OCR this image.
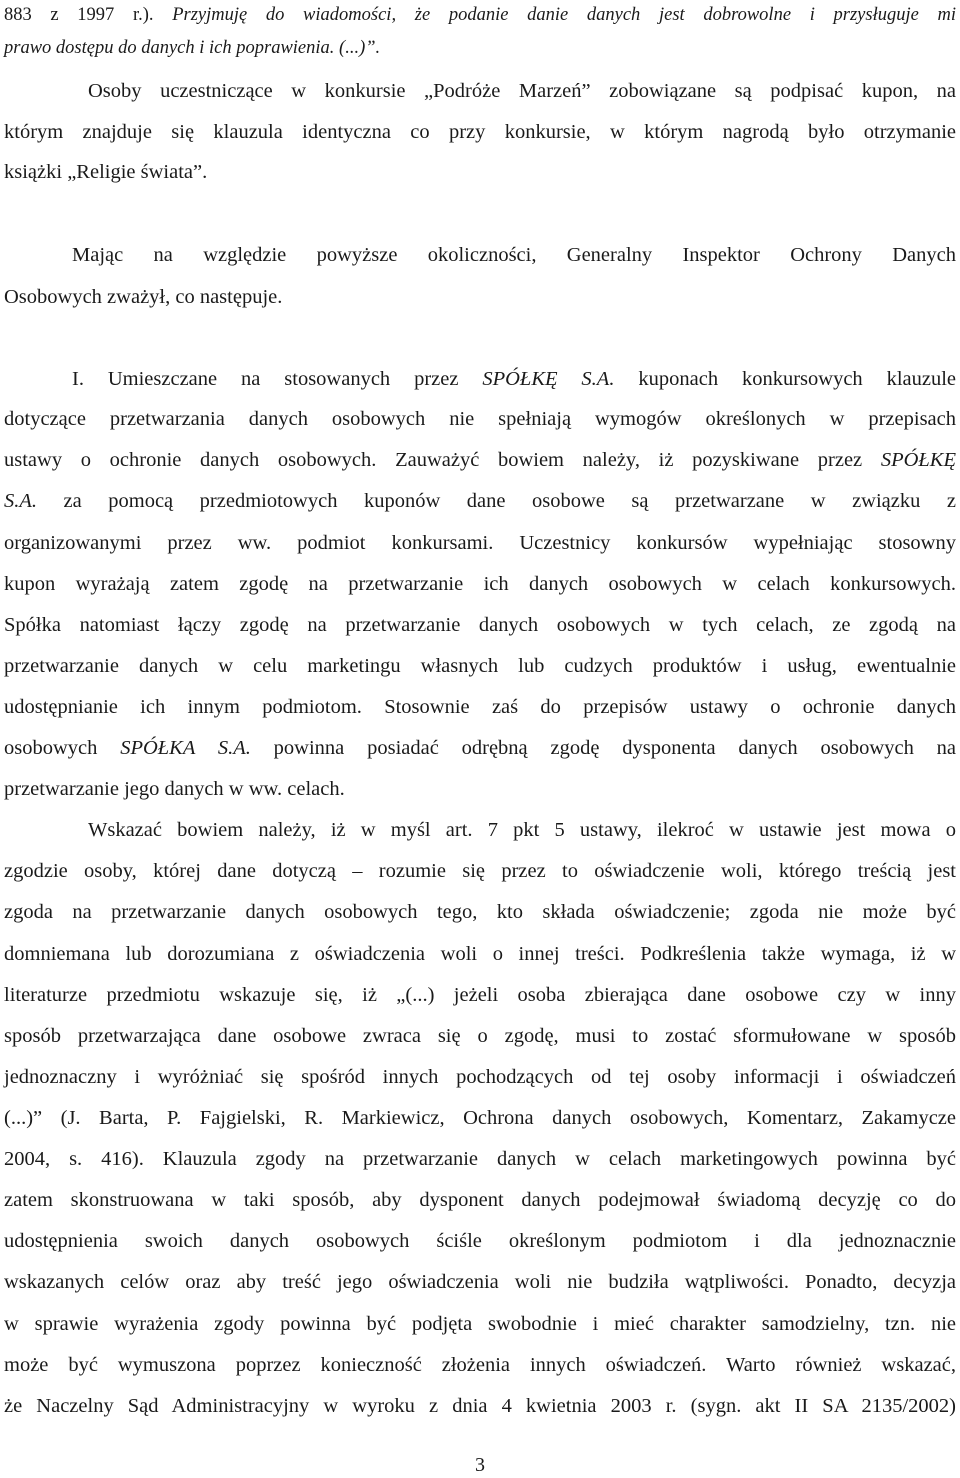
883 z 1997 r.). Przyjmuję do wiadomości, że podanie danie danych jest dobrowolne i przysługuje mi
prawo dostępu do danych i ich poprawienia. (...)”.
Osoby uczestniczące w konkursie „Podróże Marzeń” zobowiązane są podpisać kupon, na
którym znajduje się klauzula identyczna co przy konkursie, w którym nagrodą było otrzymanie
książki „Religie świata”.
Mając na względzie powyższe okoliczności, Generalny Inspektor Ochrony Danych
Osobowych zważył, co następuje.
I. Umieszczane na stosowanych przez SPÓŁKĘ S.A. kuponach konkursowych klauzule
dotyczące przetwarzania danych osobowych nie spełniają wymogów określonych w przepisach
ustawy o ochronie danych osobowych. Zauważyć bowiem należy, iż pozyskiwane przez SPÓŁKĘ
S.A. za pomocą przedmiotowych kuponów dane osobowe są przetwarzane w związku z
organizowanymi przez ww. podmiot konkursami. Uczestnicy konkursów wypełniając stosowny
kupon wyrażają zatem zgodę na przetwarzanie ich danych osobowych w celach konkursowych.
Spółka natomiast łączy zgodę na przetwarzanie danych osobowych w tych celach, ze zgodą na
przetwarzanie danych w celu marketingu własnych lub cudzych produktów i usług, ewentualnie
udostępnianie ich innym podmiotom. Stosownie zaś do przepisów ustawy o ochronie danych
osobowych SPÓŁKA S.A. powinna posiadać odrębną zgodę dysponenta danych osobowych na
przetwarzanie jego danych w ww. celach.
Wskazać bowiem należy, iż w myśl art. 7 pkt 5 ustawy, ilekroć w ustawie jest mowa o
zgodzie osoby, której dane dotyczą – rozumie się przez to oświadczenie woli, którego treścią jest
zgoda na przetwarzanie danych osobowych tego, kto składa oświadczenie; zgoda nie może być
domniemana lub dorozumiana z oświadczenia woli o innej treści. Podkreślenia także wymaga, iż w
literaturze przedmiotu wskazuje się, iż „(...) jeżeli osoba zbierająca dane osobowe czy w inny
sposób przetwarzająca dane osobowe zwraca się o zgodę, musi to zostać sformułowane w sposób
jednoznaczny i wyróżniać się spośród innych pochodzących od tej osoby informacji i oświadczeń
(...)” (J. Barta, P. Fajgielski, R. Markiewicz, Ochrona danych osobowych, Komentarz, Zakamycze
2004, s. 416). Klauzula zgody na przetwarzanie danych w celach marketingowych powinna być
zatem skonstruowana w taki sposób, aby dysponent danych podejmował świadomą decyzję co do
udostępnienia swoich danych osobowych ściśle określonym podmiotom i dla jednoznacznie
wskazanych celów oraz aby treść jego oświadczenia woli nie budziła wątpliwości. Ponadto, decyzja
w sprawie wyrażenia zgody powinna być podjęta swobodnie i mieć charakter samodzielny, tzn. nie
może być wymuszona poprzez konieczność złożenia innych oświadczeń. Warto również wskazać,
że Naczelny Sąd Administracyjny w wyroku z dnia 4 kwietnia 2003 r. (sygn. akt II SA 2135/2002)
3
